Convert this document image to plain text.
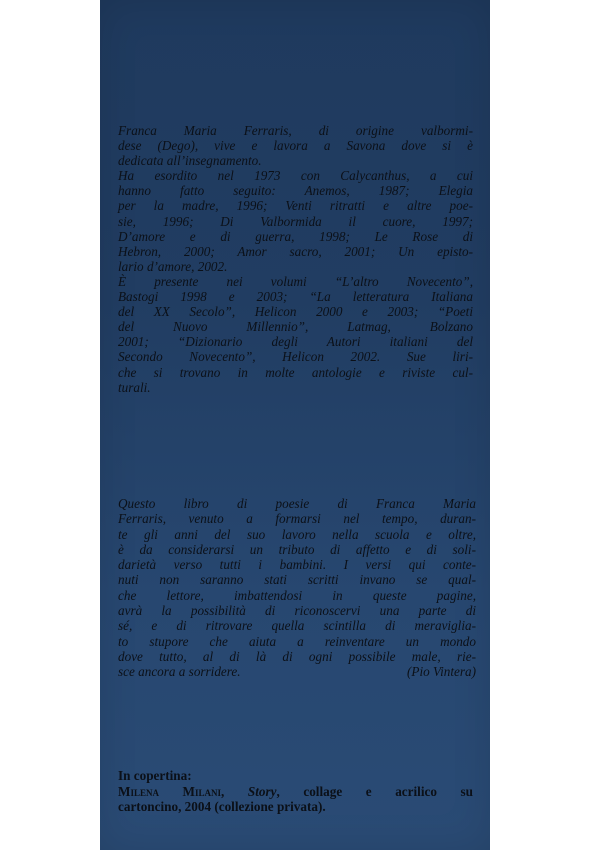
Franca Maria Ferraris, di origine valbormi-
dese (Dego), vive e lavora a Savona dove si è
dedicata all’insegnamento.
Ha esordito nel 1973 con Calycanthus, a cui
hanno fatto seguito: Anemos, 1987; Elegia
per la madre, 1996; Venti ritratti e altre poe-
sie, 1996; Di Valbormida il cuore, 1997;
D’amore e di guerra, 1998; Le Rose di
Hebron, 2000; Amor sacro, 2001; Un episto-
lario d’amore, 2002.
È presente nei volumi “L’altro Novecento”,
Bastogi 1998 e 2003; “La letteratura Italiana
del XX Secolo”, Helicon 2000 e 2003; “Poeti
del Nuovo Millennio”, Latmag, Bolzano
2001; “Dizionario degli Autori italiani del
Secondo Novecento”, Helicon 2002. Sue liri-
che si trovano in molte antologie e riviste cul-
turali.
Questo libro di poesie di Franca Maria
Ferraris, venuto a formarsi nel tempo, duran-
te gli anni del suo lavoro nella scuola e oltre,
è da considerarsi un tributo di affetto e di soli-
darietà verso tutti i bambini. I versi qui conte-
nuti non saranno stati scritti invano se qual-
che lettore, imbattendosi in queste pagine,
avrà la possibilità di riconoscervi una parte di
sé, e di ritrovare quella scintilla di meraviglia-
to stupore che aiuta a reinventare un mondo
dove tutto, al di là di ogni possibile male, rie-
sce ancora a sorridere.	(Pio Vintera)
In copertina:
Milena Milani, Story, collage e acrilico su
cartoncino, 2004 (collezione privata).
